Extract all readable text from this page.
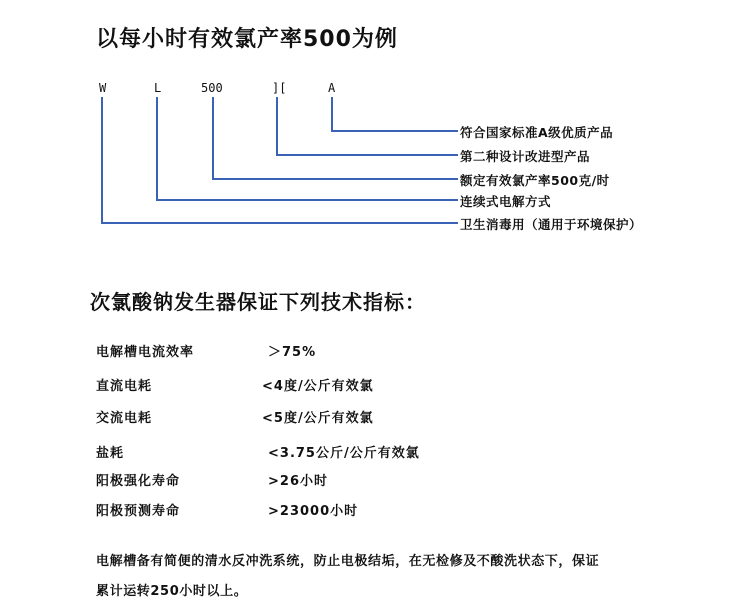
以每小时有效氯产率500为例
W	L	500	][	A
符合国家标准A级优质产品
第二种设计改进型产品
额定有效氯产率500克/时
连续式电解方式
卫生消毒用（通用于环境保护）
次氯酸钠发生器保证下列技术指标：
电解槽电流效率	＞75%
直流电耗	<4度/公斤有效氯
交流电耗	<5度/公斤有效氯
盐耗	<3.75公斤/公斤有效氯
阳极强化寿命	>26小时
阳极预测寿命	>23000小时
电解槽备有简便的清水反冲洗系统，防止电极结垢，在无检修及不酸洗状态下，保证
累计运转250小时以上。
